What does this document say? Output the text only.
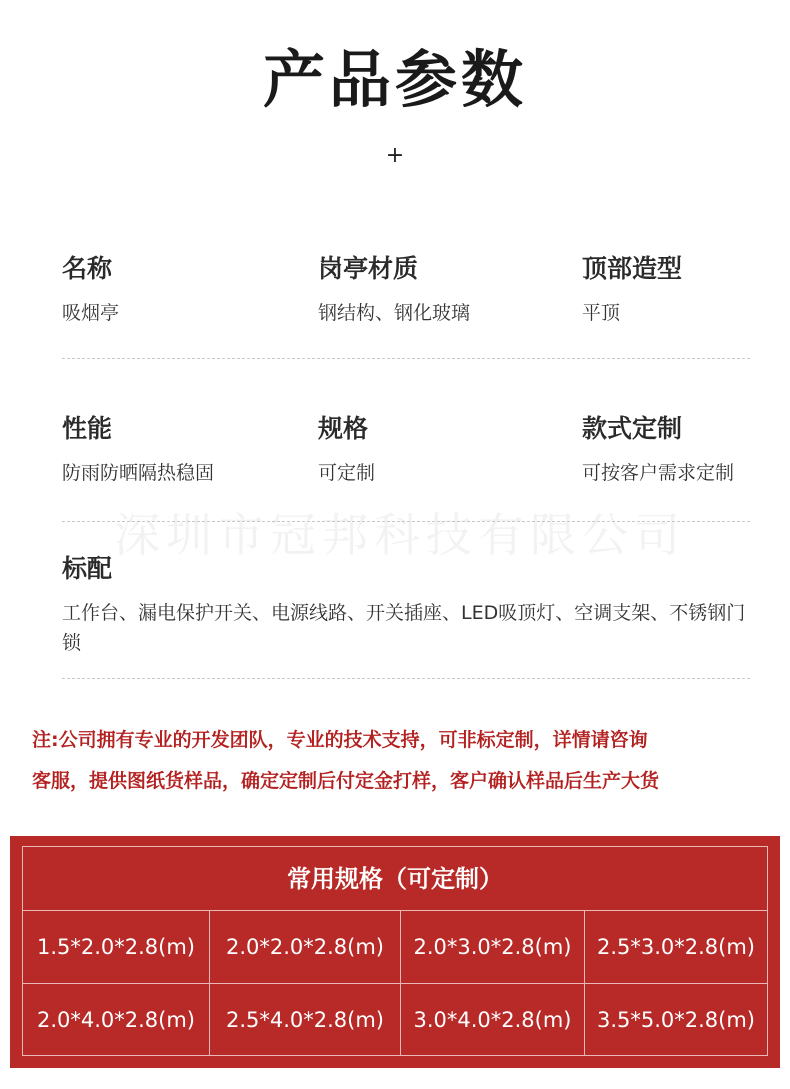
产品参数
+
深圳市冠邦科技有限公司
名称
吸烟亭
岗亭材质
钢结构、钢化玻璃
顶部造型
平顶
性能
防雨防晒隔热稳固
规格
可定制
款式定制
可按客户需求定制
标配
工作台、漏电保护开关、电源线路、开关插座、LED吸顶灯、空调支架、不锈钢门锁
注:公司拥有专业的开发团队，专业的技术支持，可非标定制，详情请咨询
客服，提供图纸货样品，确定定制后付定金打样，客户确认样品后生产大货
常用规格（可定制）
1.5*2.0*2.8(m)	2.0*2.0*2.8(m)	2.0*3.0*2.8(m)	2.5*3.0*2.8(m)
2.0*4.0*2.8(m)	2.5*4.0*2.8(m)	3.0*4.0*2.8(m)	3.5*5.0*2.8(m)
